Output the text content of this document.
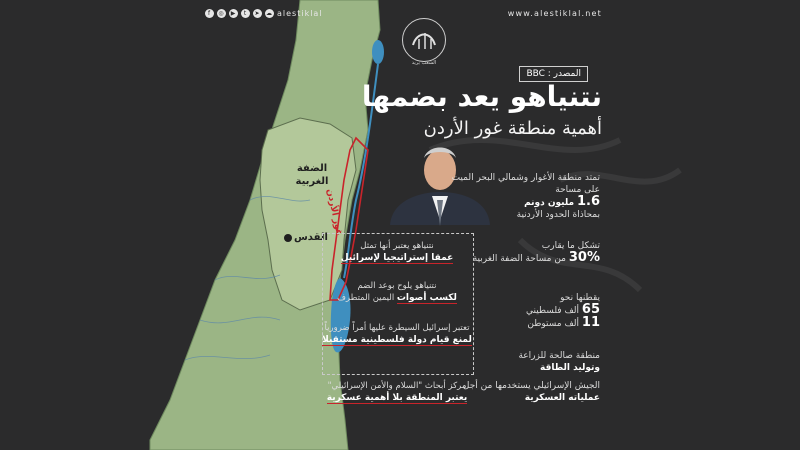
f	◎ ▶	t	➤ ☁ alestiklal	www.alestiklal.net
الشعب يريد
المصدر : BBC
نتنياهو يعد بضمها
أهمية منطقة غور الأردن
الضفة الغربية
القدس
غور الأردن
تمتد منطقة الأغوار وشمالي البحر الميت على مساحة
1.6 مليون دونم
بمحاذاة الحدود الأردنية
تشكل ما يقارب
30% من مساحة الضفة الغربية
يقطنها نحو
65 ألف فلسطيني
11 ألف مستوطن
منطقة صالحة للزراعة
وتوليد الطاقة
الجيش الإسرائيلي يستخدمها من أجل
عملياته العسكرية
نتنياهو يعتبر أنها تمثل
عمقا إستراتيجيا لإسرائيل
نتنياهو يلوح بوعد الضم
لكسب أصوات اليمين المتطرف
تعتبر إسرائيل السيطرة عليها أمراً ضرورياً
لمنع قيام دولة فلسطينية مستقبلا
مركز أبحاث "السلام والأمن الإسرائيلي"
يعتبر المنطقة بلا أهمية عسكرية
